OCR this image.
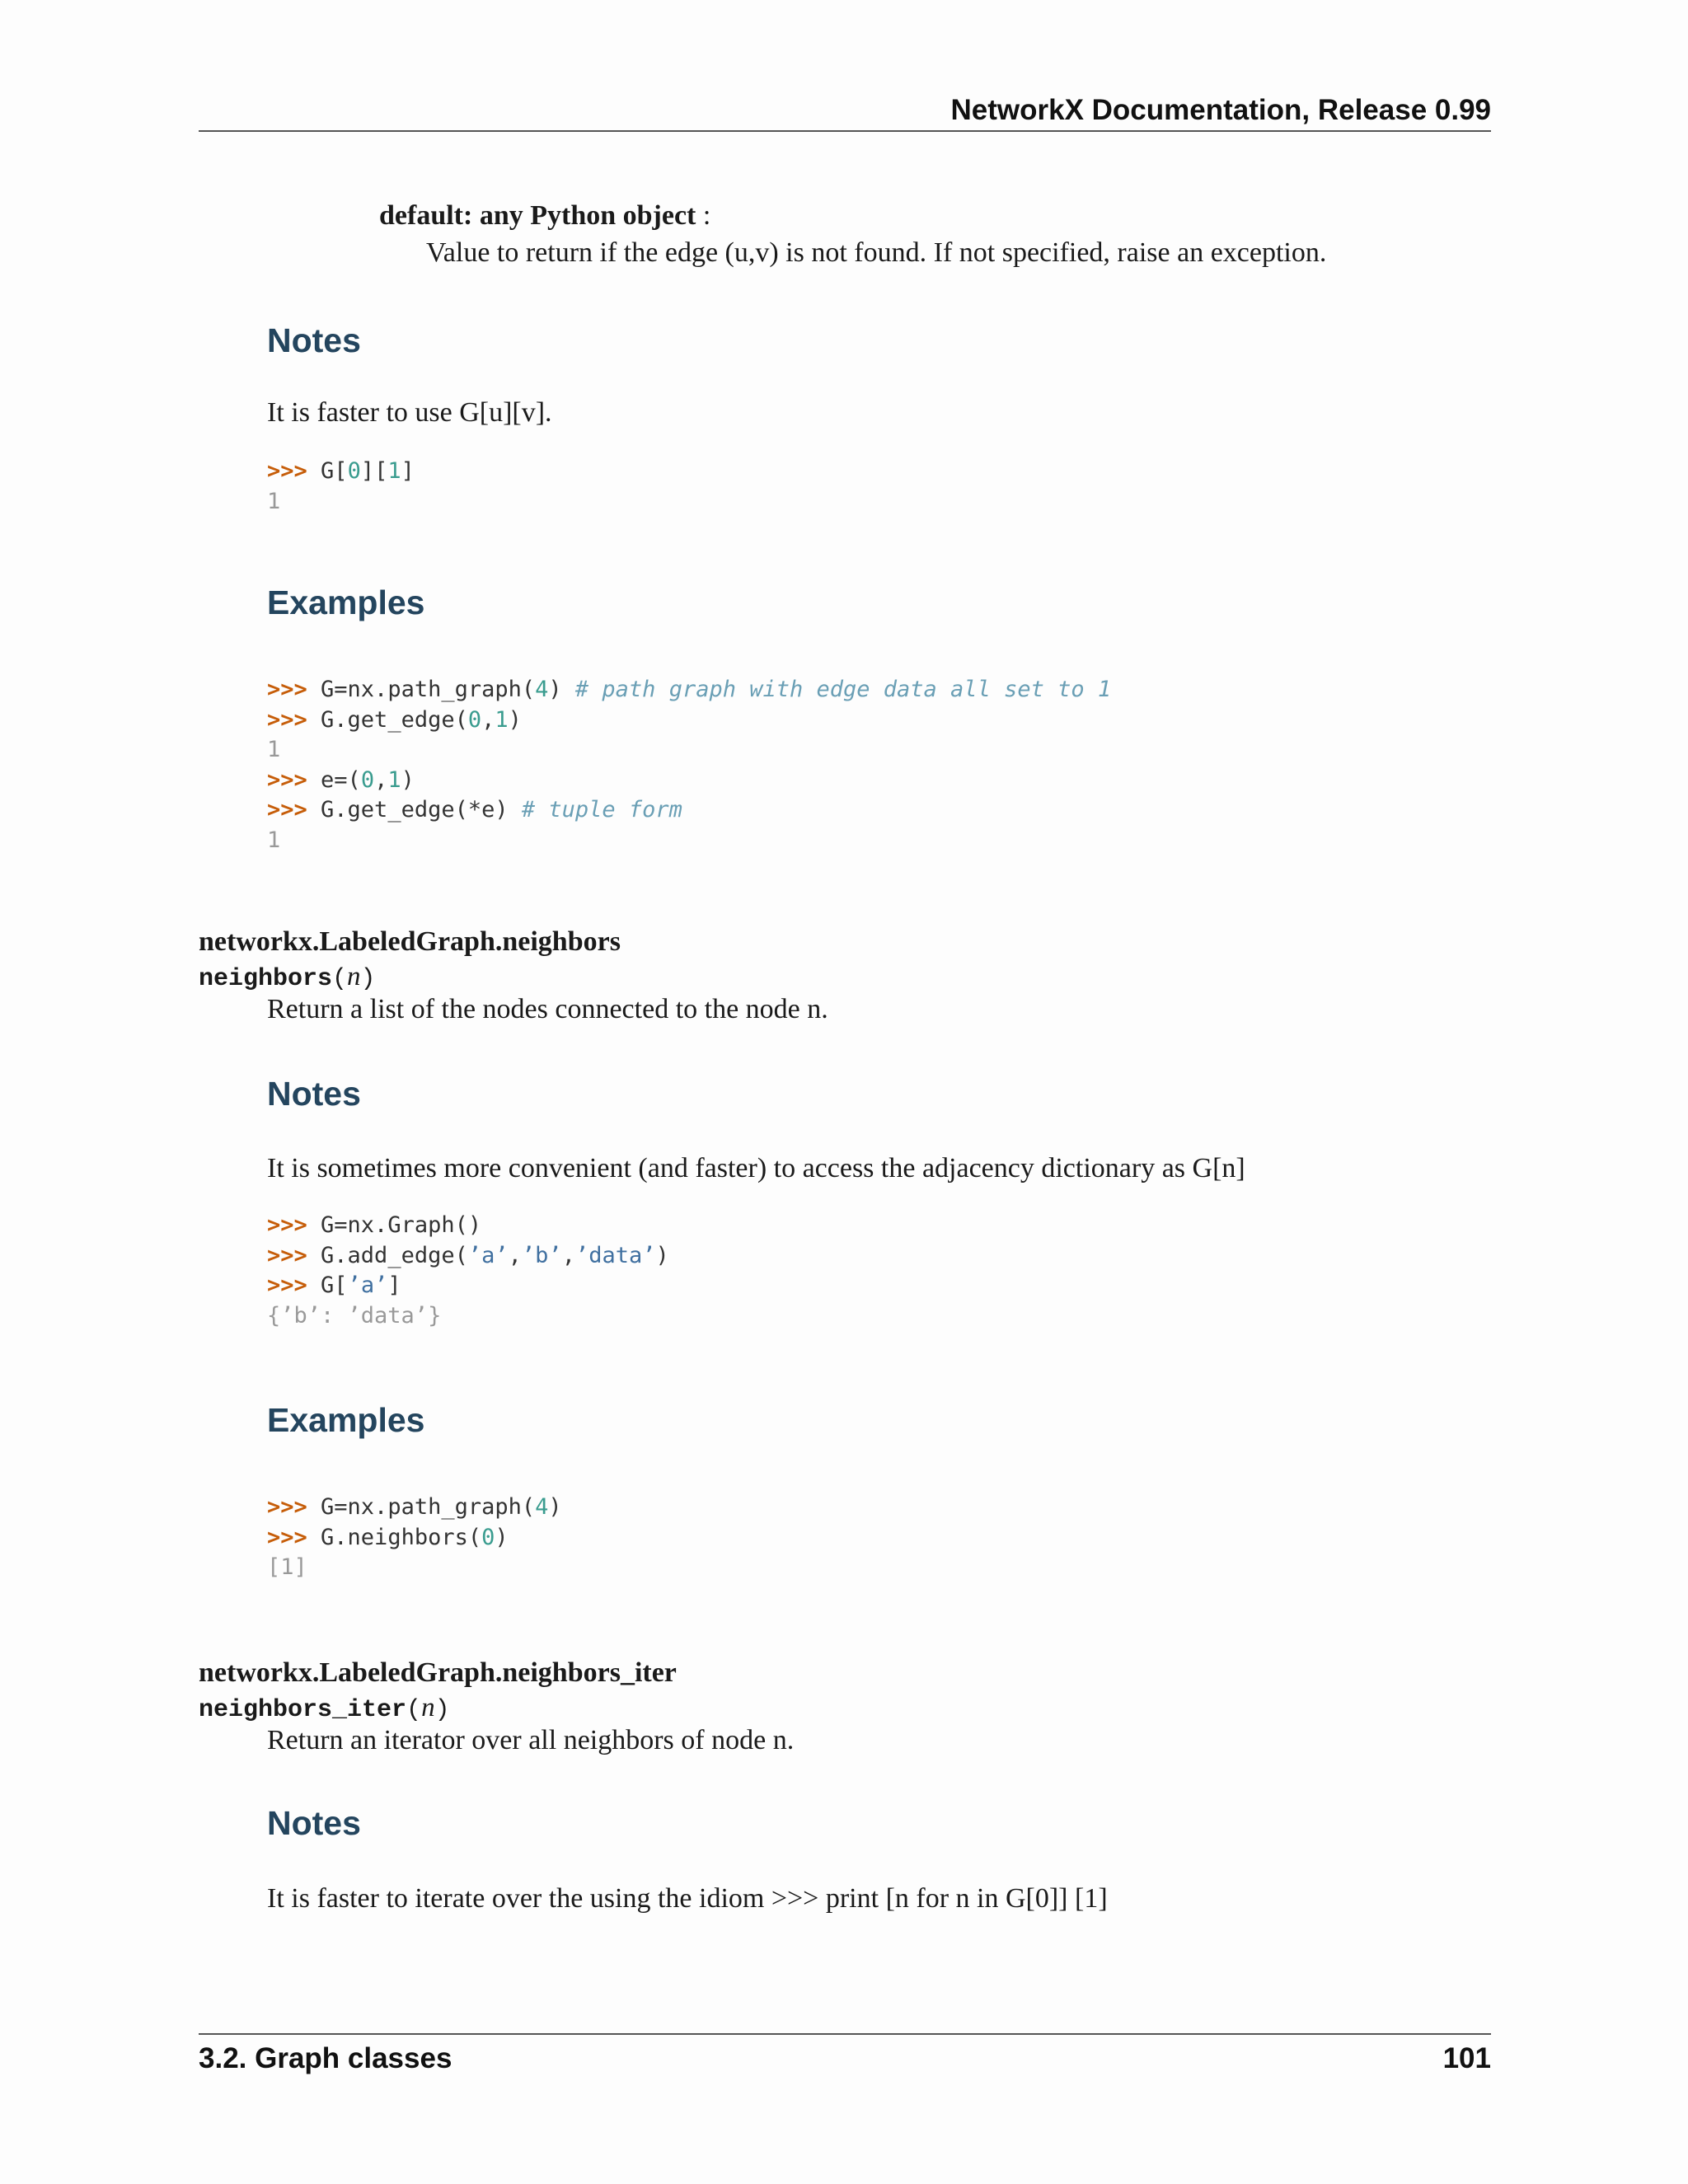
NetworkX Documentation, Release 0.99
default: any Python object :
Value to return if the edge (u,v) is not found. If not specified, raise an exception.
Notes
It is faster to use G[u][v].
>>> G[0][1]
1
Examples
>>> G=nx.path_graph(4) # path graph with edge data all set to 1
>>> G.get_edge(0,1)
1
>>> e=(0,1)
>>> G.get_edge(*e) # tuple form
1
networkx.LabeledGraph.neighbors
neighbors(n)
Return a list of the nodes connected to the node n.
Notes
It is sometimes more convenient (and faster) to access the adjacency dictionary as G[n]
>>> G=nx.Graph()
>>> G.add_edge(’a’,’b’,’data’)
>>> G[’a’]
{’b’: ’data’}
Examples
>>> G=nx.path_graph(4)
>>> G.neighbors(0)
[1]
networkx.LabeledGraph.neighbors_iter
neighbors_iter(n)
Return an iterator over all neighbors of node n.
Notes
It is faster to iterate over the using the idiom >>> print [n for n in G[0]] [1]
3.2. Graph classes	101
